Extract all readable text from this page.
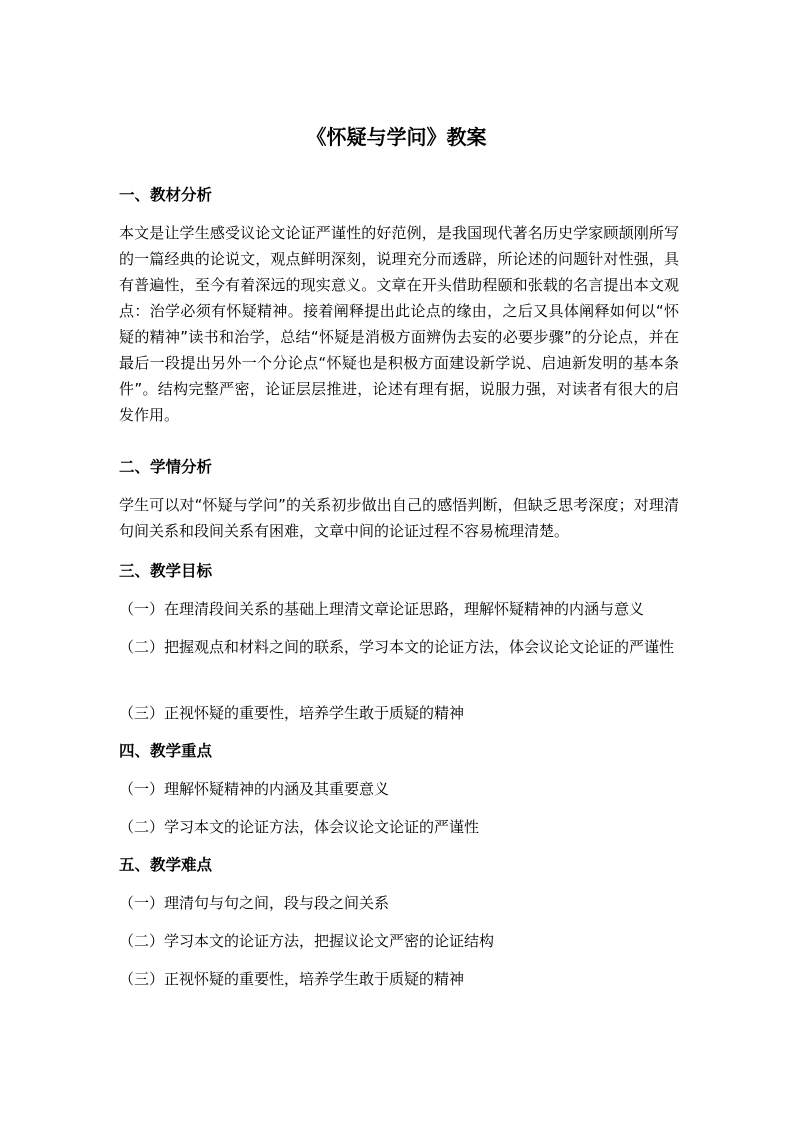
《怀疑与学问》教案
一、教材分析

本文是让学生感受议论文论证严谨性的好范例，是我国现代著名历史学家顾颉刚所写的一篇经典的论说文，观点鲜明深刻，说理充分而透辟，所论述的问题针对性强，具有普遍性，至今有着深远的现实意义。文章在开头借助程颐和张载的名言提出本文观点：治学必须有怀疑精神。接着阐释提出此论点的缘由，之后又具体阐释如何以“怀疑的精神”读书和治学，总结“怀疑是消极方面辨伪去妄的必要步骤”的分论点，并在最后一段提出另外一个分论点“怀疑也是积极方面建设新学说、启迪新发明的基本条件”。结构完整严密，论证层层推进，论述有理有据，说服力强，对读者有很大的启发作用。

二、学情分析

学生可以对“怀疑与学问”的关系初步做出自己的感悟判断，但缺乏思考深度；对理清句间关系和段间关系有困难，文章中间的论证过程不容易梳理清楚。

三、教学目标

（一）在理清段间关系的基础上理清文章论证思路，理解怀疑精神的内涵与意义

（二）把握观点和材料之间的联系，学习本文的论证方法，体会议论文论证的严谨性

（三）正视怀疑的重要性，培养学生敢于质疑的精神

四、教学重点

（一）理解怀疑精神的内涵及其重要意义

（二）学习本文的论证方法，体会议论文论证的严谨性

五、教学难点

（一）理清句与句之间，段与段之间关系

（二）学习本文的论证方法，把握议论文严密的论证结构

（三）正视怀疑的重要性，培养学生敢于质疑的精神
